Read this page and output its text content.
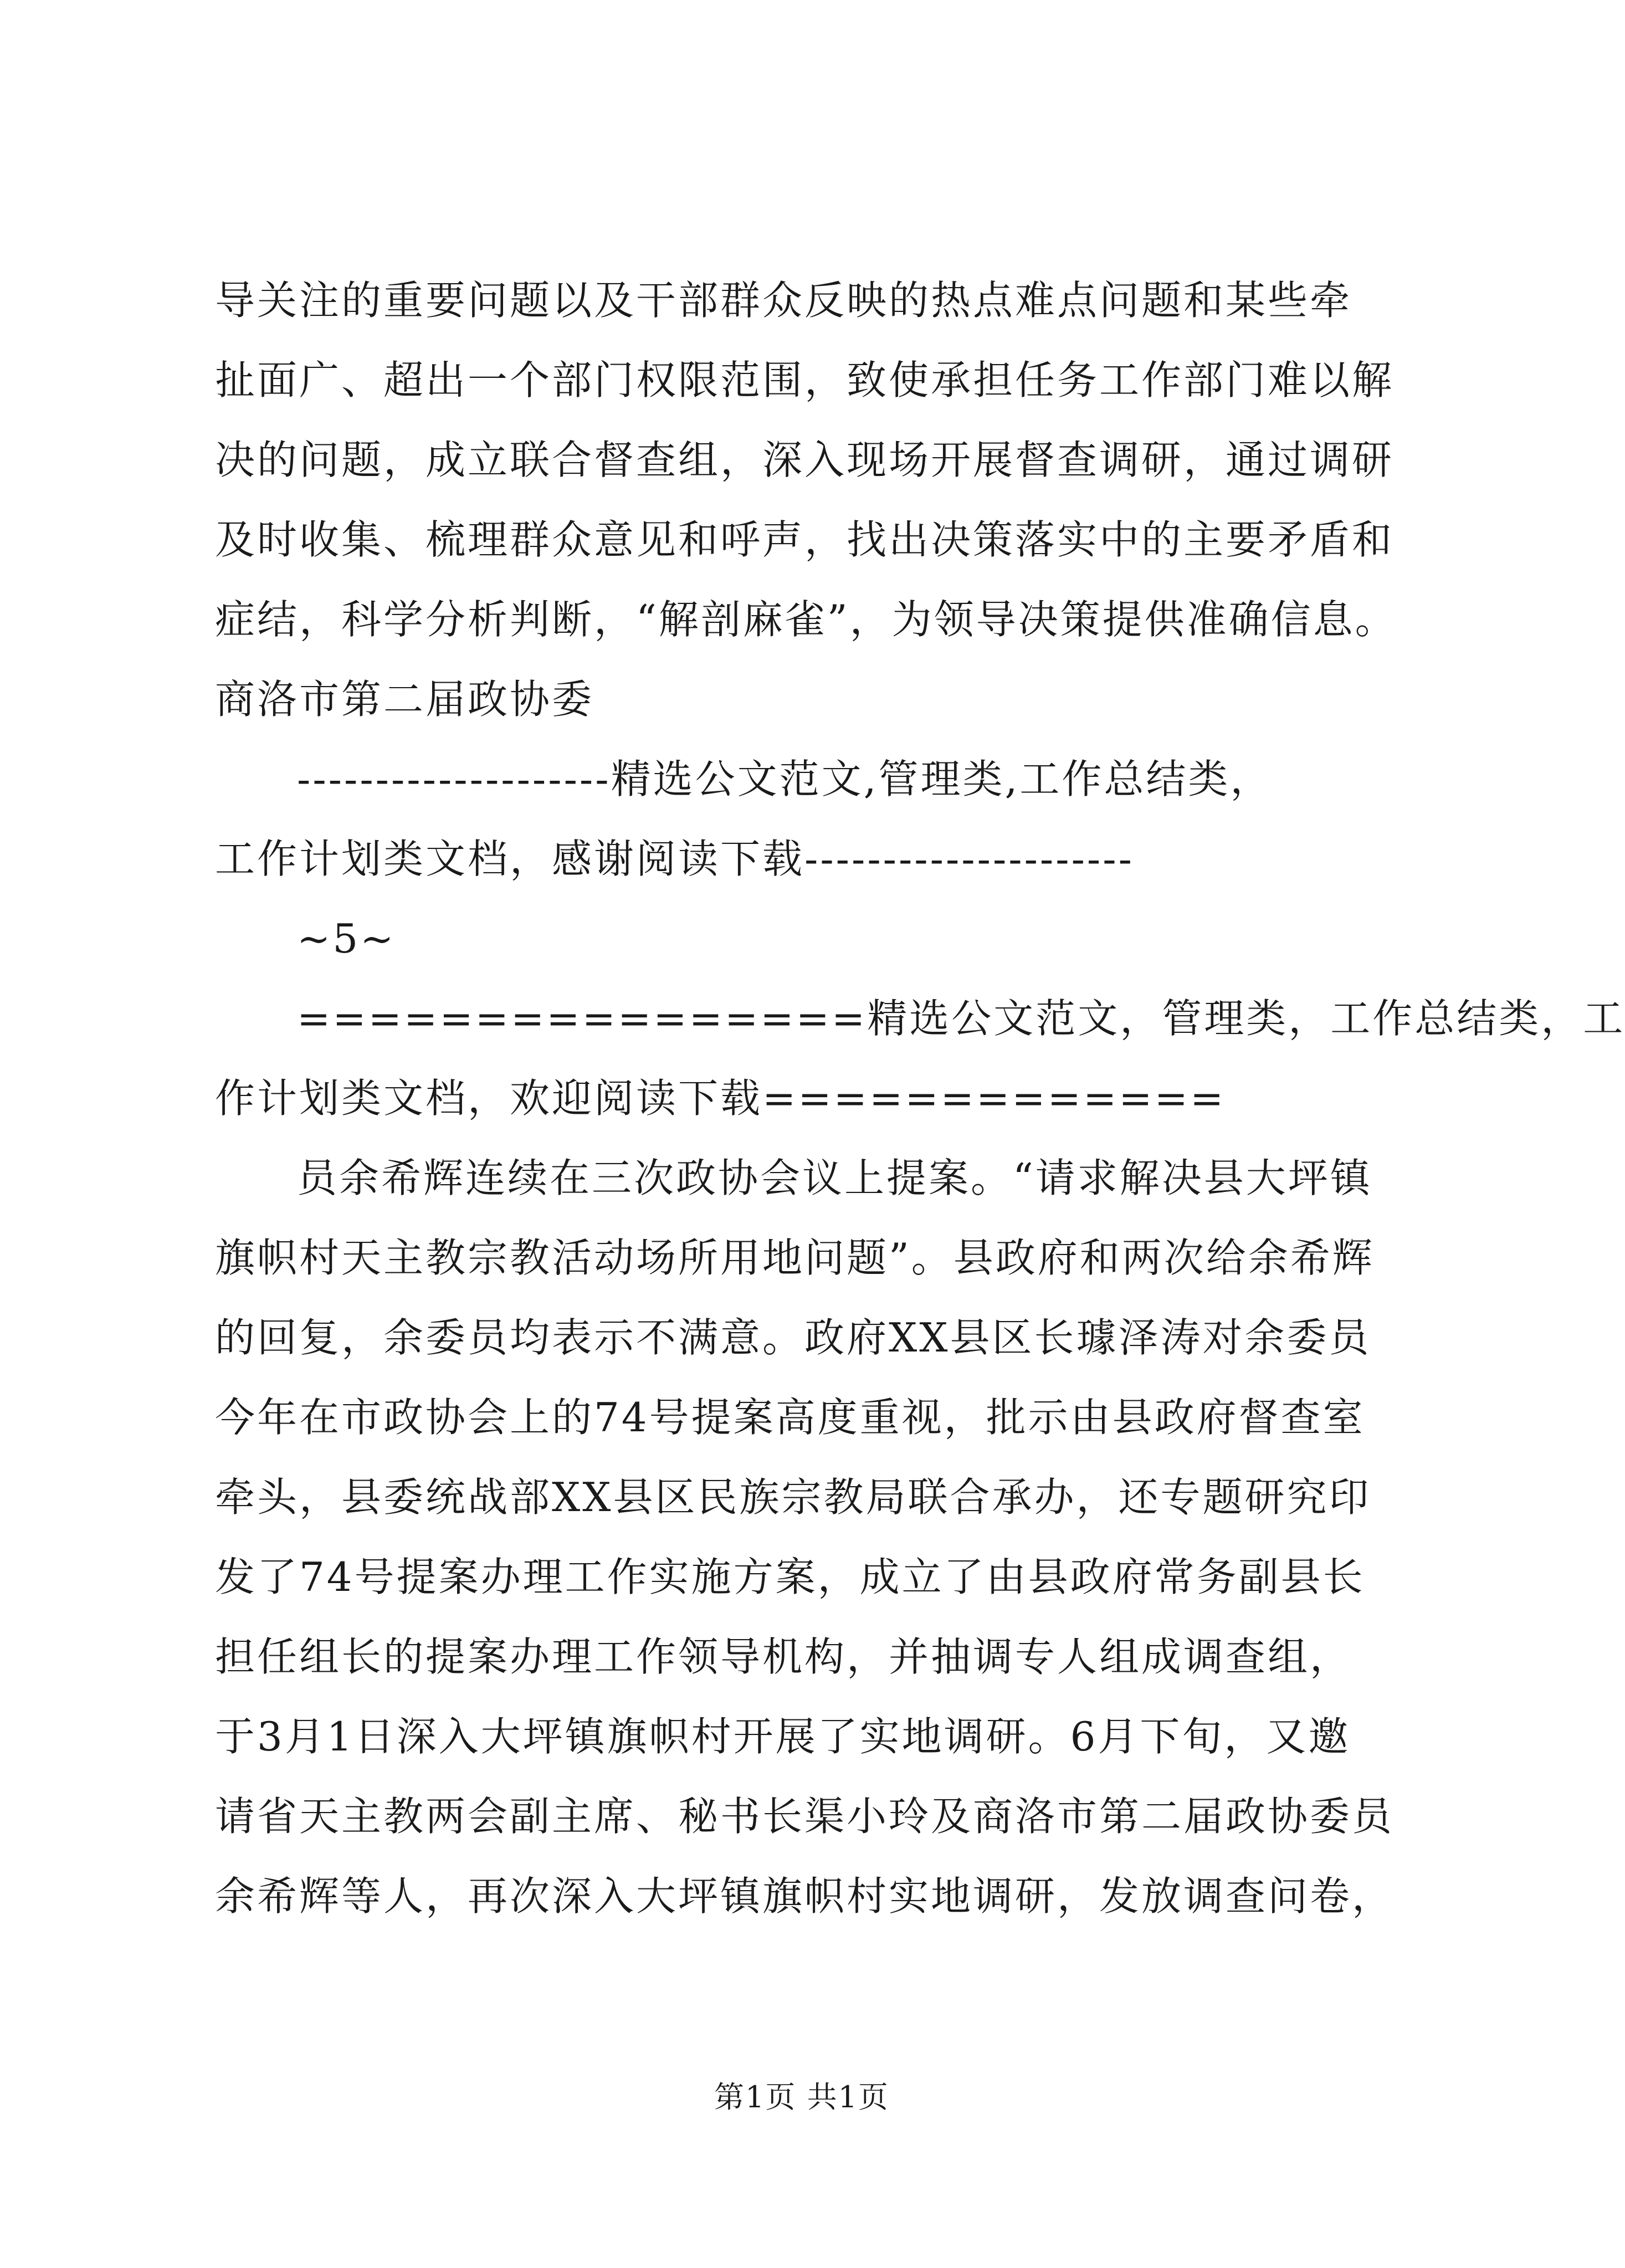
导关注的重要问题以及干部群众反映的热点难点问题和某些牵
扯面广、超出一个部门权限范围，致使承担任务工作部门难以解
决的问题，成立联合督查组，深入现场开展督查调研，通过调研
及时收集、梳理群众意见和呼声，找出决策落实中的主要矛盾和
症结，科学分析判断，“解剖麻雀”，为领导决策提供准确信息。
商洛市第二届政协委
--------------------精选公文范文,管理类,工作总结类，
工作计划类文档，感谢阅读下载---------------------
~5~
================精选公文范文，管理类，工作总结类，工
作计划类文档，欢迎阅读下载=============
员余希辉连续在三次政协会议上提案。“请求解决县大坪镇
旗帜村天主教宗教活动场所用地问题”。县政府和两次给余希辉
的回复，余委员均表示不满意。政府XX县区长璩泽涛对余委员
今年在市政协会上的74号提案高度重视，批示由县政府督查室
牵头，县委统战部XX县区民族宗教局联合承办，还专题研究印
发了74号提案办理工作实施方案，成立了由县政府常务副县长
担任组长的提案办理工作领导机构，并抽调专人组成调查组，
于3月1日深入大坪镇旗帜村开展了实地调研。6月下旬，又邀
请省天主教两会副主席、秘书长渠小玲及商洛市第二届政协委员
余希辉等人，再次深入大坪镇旗帜村实地调研，发放调查问卷，
第1页 共1页
